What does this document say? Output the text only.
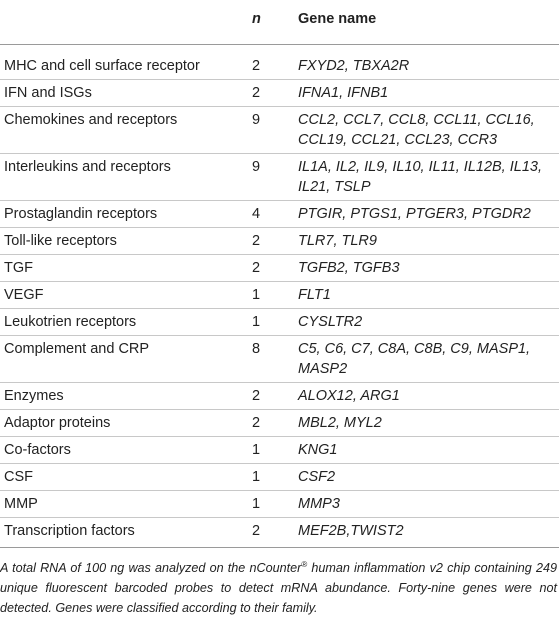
	n	Gene name
MHC and cell surface receptor	2	FXYD2, TBXA2R
IFN and ISGs	2	IFNA1, IFNB1
Chemokines and receptors	9	CCL2, CCL7, CCL8, CCL11, CCL16, CCL19, CCL21, CCL23, CCR3
Interleukins and receptors	9	IL1A, IL2, IL9, IL10, IL11, IL12B, IL13, IL21, TSLP
Prostaglandin receptors	4	PTGIR, PTGS1, PTGER3, PTGDR2
Toll-like receptors	2	TLR7, TLR9
TGF	2	TGFB2, TGFB3
VEGF	1	FLT1
Leukotrien receptors	1	CYSLTR2
Complement and CRP	8	C5, C6, C7, C8A, C8B, C9, MASP1, MASP2
Enzymes	2	ALOX12, ARG1
Adaptor proteins	2	MBL2, MYL2
Co-factors	1	KNG1
CSF	1	CSF2
MMP	1	MMP3
Transcription factors	2	MEF2B,TWIST2

A total RNA of 100 ng was analyzed on the nCounter® human inflammation v2 chip containing 249 unique fluorescent barcoded probes to detect mRNA abundance. Forty-nine genes were not detected. Genes were classified according to their family.
